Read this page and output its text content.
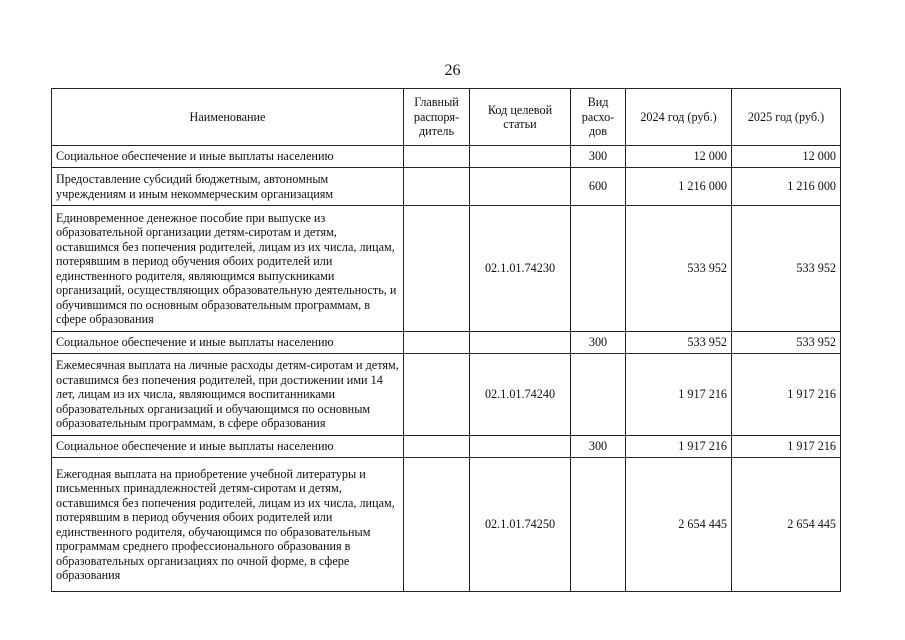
26
Наименование	Главный распоря-дитель	Код целевой статьи	Вид расхо-дов	2024 год (руб.)	2025 год (руб.)
Социальное обеспечение и иные выплаты населению			300	12 000	12 000
Предоставление субсидий бюджетным, автономным учреждениям и иным некоммерческим организациям			600	1 216 000	1 216 000
Единовременное денежное пособие при выпуске из образовательной организации детям-сиротам и детям, оставшимся без попечения родителей, лицам из их числа, лицам, потерявшим в период обучения обоих родителей или единственного родителя, являющимся выпускниками организаций, осуществляющих образовательную деятельность, и обучившимся по основным образовательным программам, в сфере образования		02.1.01.74230		533 952	533 952
Социальное обеспечение и иные выплаты населению			300	533 952	533 952
Ежемесячная выплата на личные расходы детям-сиротам и детям, оставшимся без попечения родителей, при достижении ими 14 лет, лицам из их числа, являющимся воспитанниками образовательных организаций и обучающимся по основным образовательным программам, в сфере образования		02.1.01.74240		1 917 216	1 917 216
Социальное обеспечение и иные выплаты населению			300	1 917 216	1 917 216
Ежегодная выплата на приобретение учебной литературы и письменных принадлежностей детям-сиротам и детям, оставшимся без попечения родителей, лицам из их числа, лицам, потерявшим в период обучения обоих родителей или единственного родителя, обучающимся по образовательным программам среднего профессионального образования в образовательных организациях по очной форме, в сфере образования		02.1.01.74250		2 654 445	2 654 445
